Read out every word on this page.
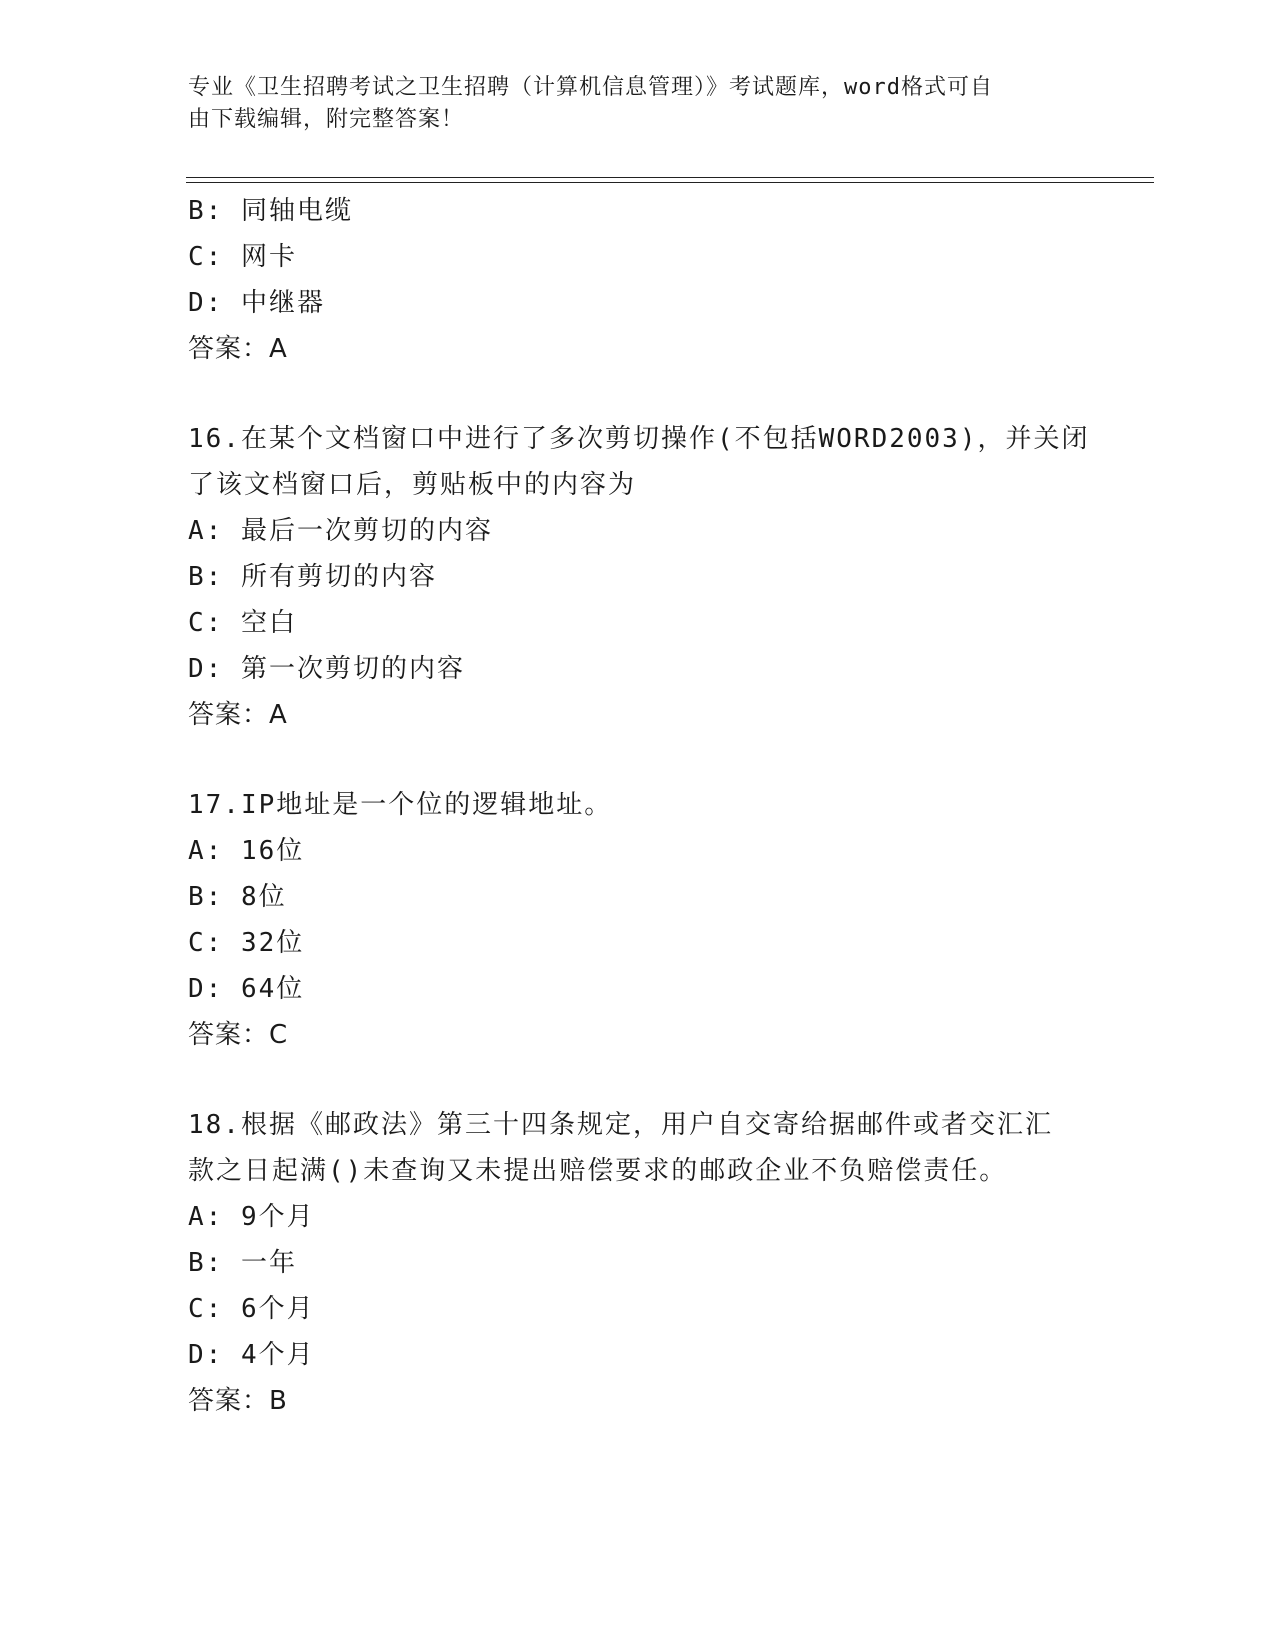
专业《卫生招聘考试之卫生招聘（计算机信息管理）》考试题库，word格式可自
由下载编辑，附完整答案！
B: 同轴电缆
C: 网卡
D: 中继器
答案：A
16.在某个文档窗口中进行了多次剪切操作(不包括WORD2003)，并关闭
了该文档窗口后，剪贴板中的内容为
A: 最后一次剪切的内容
B: 所有剪切的内容
C: 空白
D: 第一次剪切的内容
答案：A
17.IP地址是一个位的逻辑地址。
A: 16位
B: 8位
C: 32位
D: 64位
答案：C
18.根据《邮政法》第三十四条规定，用户自交寄给据邮件或者交汇汇
款之日起满()未查询又未提出赔偿要求的邮政企业不负赔偿责任。
A: 9个月
B: 一年
C: 6个月
D: 4个月
答案：B
